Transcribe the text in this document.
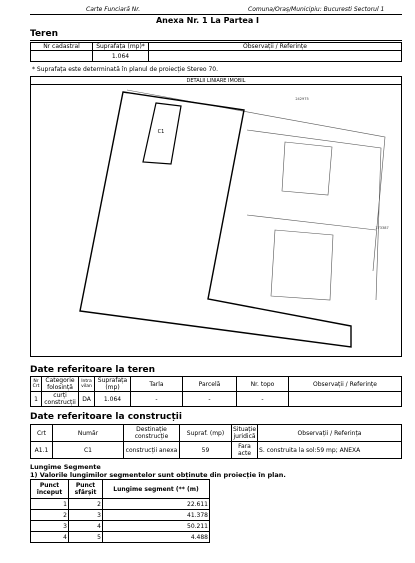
Carte Funciară Nr.	Comuna/Oraș/Municipiu: Bucuresti Sectorul 1
Anexa Nr. 1 La Partea I
Teren
Nr cadastral	Suprafața (mp)*	Observații / Referințe
	1.064	
* Suprafața este determinată în planul de proiecție Stereo 70.
DETALII LINIARE IMOBIL
C1
242975
173387
Date referitoare la teren
Nr Crt	Categorie folosință	Intra vilan	Suprafața (mp)	Tarla	Parcelă	Nr. topo	Observații / Referințe
1	curți construcții	DA	1.064	-	-	-	
Date referitoare la construcții
Crt	Număr	Destinație construcție	Supraf. (mp)	Situație juridică	Observații / Referința
A1.1	C1	construcții anexa	59	Fara acte	S. construita la sol:59 mp; ANEXA
Lungime Segmente
1) Valorile lungimilor segmentelor sunt obținute din proiecție în plan.
Punct început	Punct sfârșit	Lungime segment (** (m)
1	2	22.611
2	3	41.378
3	4	50.211
4	5	4.488
